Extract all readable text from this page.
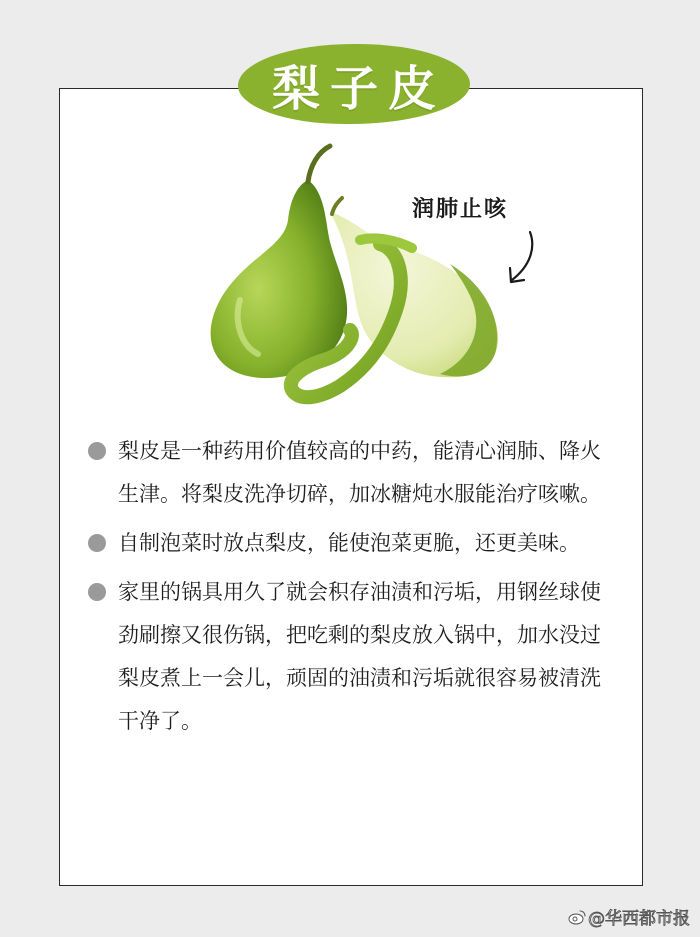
梨子皮
润肺止咳

梨皮是一种药用价值较高的中药，能清心润肺、降火生津。将梨皮洗净切碎，加冰糖炖水服能治疗咳嗽。

自制泡菜时放点梨皮，能使泡菜更脆，还更美味。

家里的锅具用久了就会积存油渍和污垢，用钢丝球使劲刷擦又很伤锅，把吃剩的梨皮放入锅中，加水没过梨皮煮上一会儿，顽固的油渍和污垢就很容易被清洗干净了。

@华西都市报
